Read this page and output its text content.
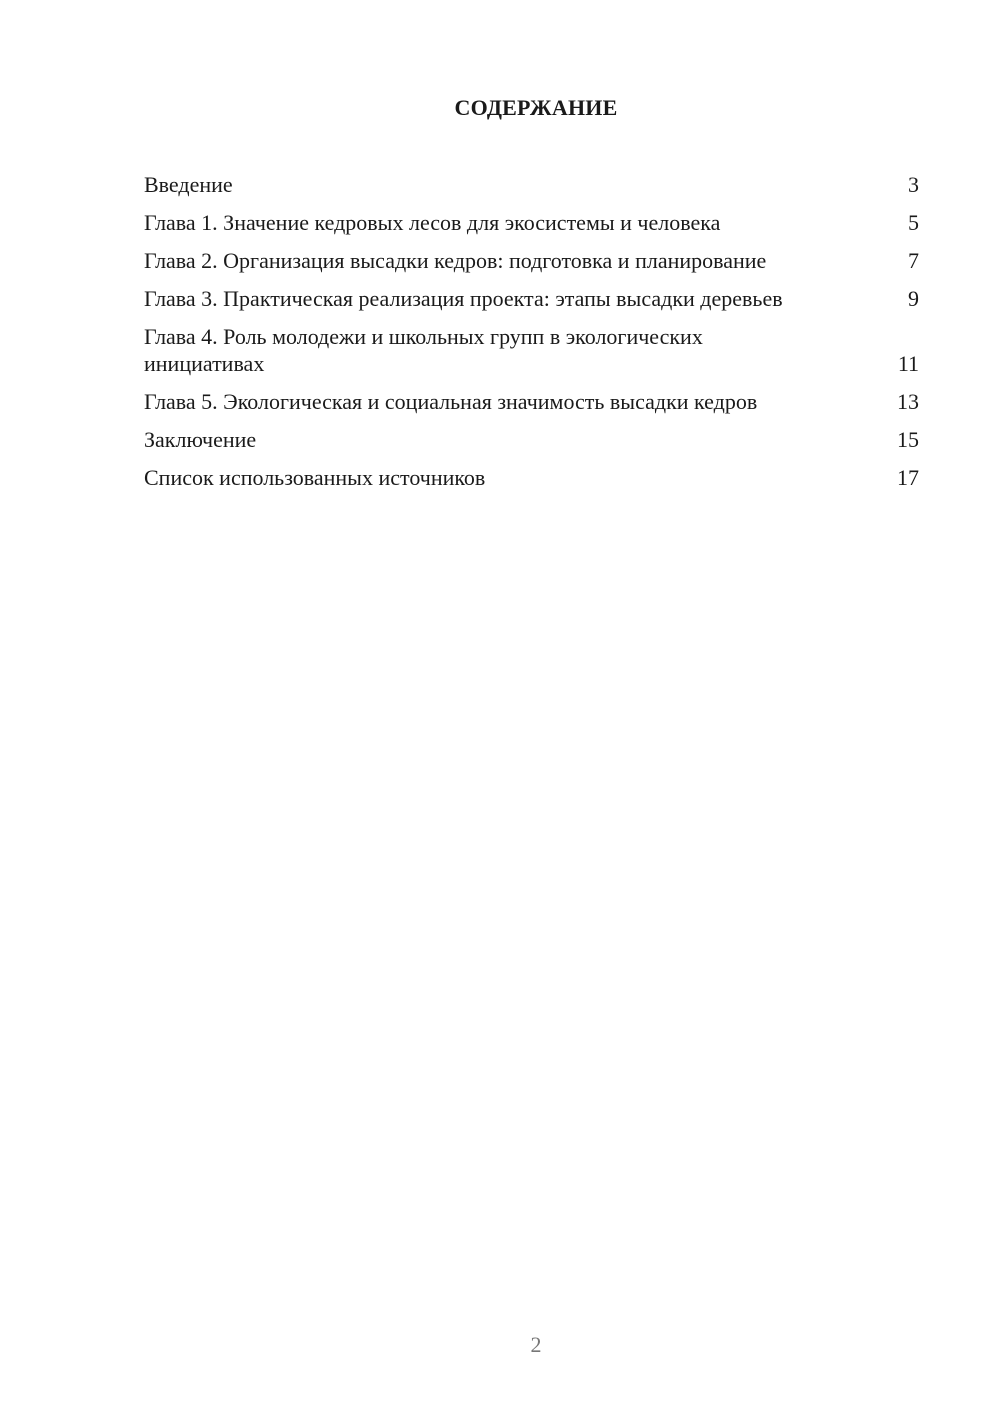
СОДЕРЖАНИЕ
Введение	3
Глава 1. Значение кедровых лесов для экосистемы и человека	5
Глава 2. Организация высадки кедров: подготовка и планирование	7
Глава 3. Практическая реализация проекта: этапы высадки деревьев	9
Глава 4. Роль молодежи и школьных групп в экологических инициативах	11
Глава 5. Экологическая и социальная значимость высадки кедров	13
Заключение	15
Список использованных источников	17
2
